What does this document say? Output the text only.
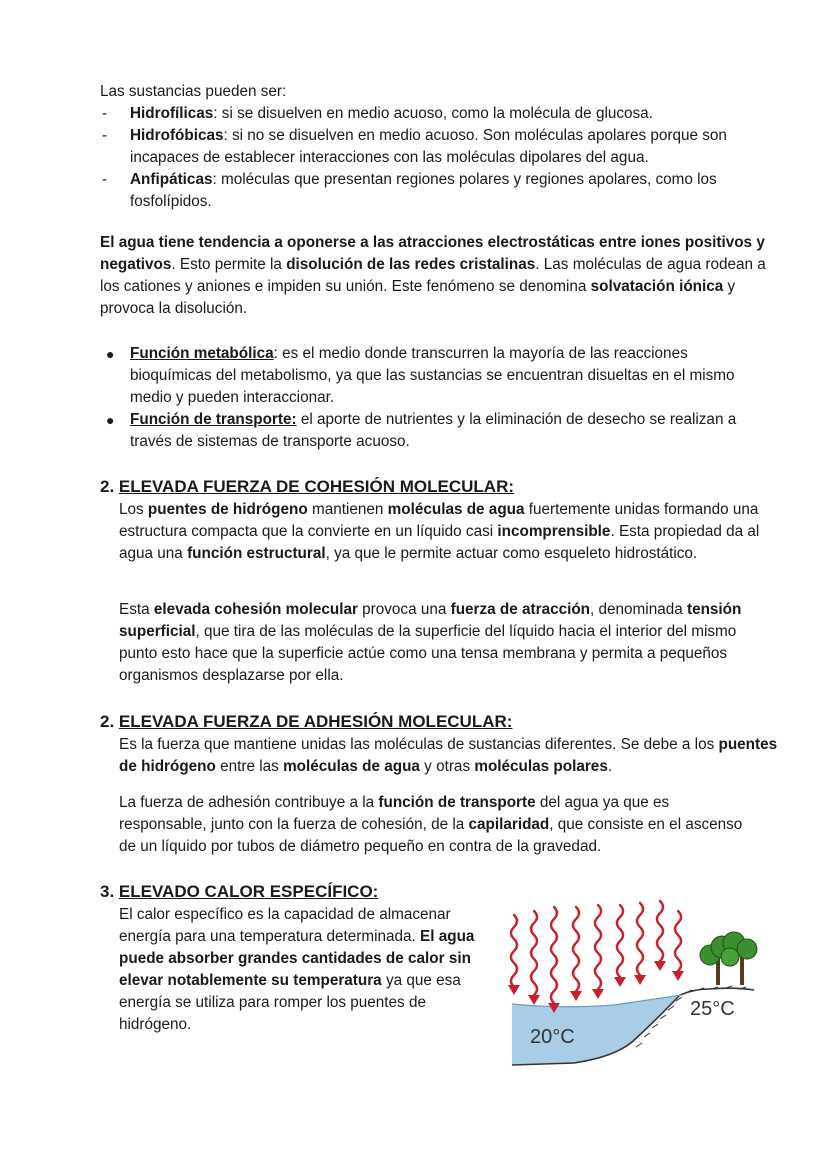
Las sustancias pueden ser:

- Hidrofílicas: si se disuelven en medio acuoso, como la molécula de glucosa.
- Hidrofóbicas: si no se disuelven en medio acuoso. Son moléculas apolares porque son incapaces de establecer interacciones con las moléculas dipolares del agua.
- Anfipáticas: moléculas que presentan regiones polares y regiones apolares, como los fosfolípidos.

El agua tiene tendencia a oponerse a las atracciones electrostáticas entre iones positivos y negativos. Esto permite la disolución de las redes cristalinas. Las moléculas de agua rodean a los cationes y aniones e impiden su unión. Este fenómeno se denomina solvatación iónica y provoca la disolución.

● Función metabólica: es el medio donde transcurren la mayoría de las reacciones bioquímicas del metabolismo, ya que las sustancias se encuentran disueltas en el mismo medio y pueden interaccionar.
● Función de transporte: el aporte de nutrientes y la eliminación de desecho se realizan a través de sistemas de transporte acuoso.
2. ELEVADA FUERZA DE COHESIÓN MOLECULAR:

Los puentes de hidrógeno mantienen moléculas de agua fuertemente unidas formando una estructura compacta que la convierte en un líquido casi incomprensible. Esta propiedad da al agua una función estructural, ya que le permite actuar como esqueleto hidrostático.

Esta elevada cohesión molecular provoca una fuerza de atracción, denominada tensión superficial, que tira de las moléculas de la superficie del líquido hacia el interior del mismo punto esto hace que la superficie actúe como una tensa membrana y permita a pequeños organismos desplazarse por ella.

2. ELEVADA FUERZA DE ADHESIÓN MOLECULAR:

Es la fuerza que mantiene unidas las moléculas de sustancias diferentes. Se debe a los puentes de hidrógeno entre las moléculas de agua y otras moléculas polares.

La fuerza de adhesión contribuye a la función de transporte del agua ya que es responsable, junto con la fuerza de cohesión, de la capilaridad, que consiste en el ascenso de un líquido por tubos de diámetro pequeño en contra de la gravedad.

3. ELEVADO CALOR ESPECÍFICO:

El calor específico es la capacidad de almacenar energía para una temperatura determinada. El agua puede absorber grandes cantidades de calor sin elevar notablemente su temperatura ya que esa energía se utiliza para romper los puentes de hidrógeno.

20°C
25°C
